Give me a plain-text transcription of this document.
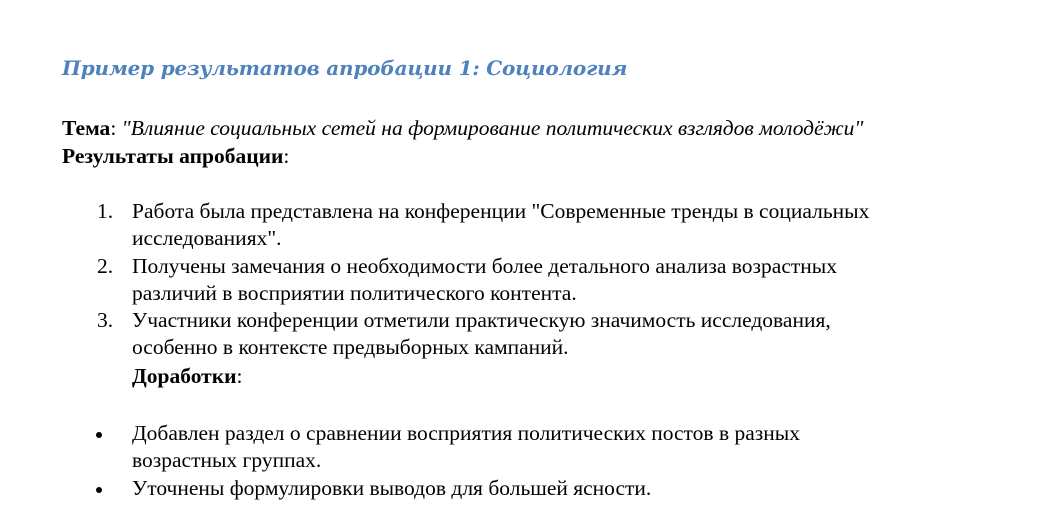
Пример результатов апробации 1: Социология
Тема: "Влияние социальных сетей на формирование политических взглядов молодёжи"
Результаты апробации:
1. Работа была представлена на конференции "Современные тренды в социальных
исследованиях".
2. Получены замечания о необходимости более детального анализа возрастных
различий в восприятии политического контента.
3. Участники конференции отметили практическую значимость исследования,
особенно в контексте предвыборных кампаний.
Доработки:
Добавлен раздел о сравнении восприятия политических постов в разных
возрастных группах.
Уточнены формулировки выводов для большей ясности.
